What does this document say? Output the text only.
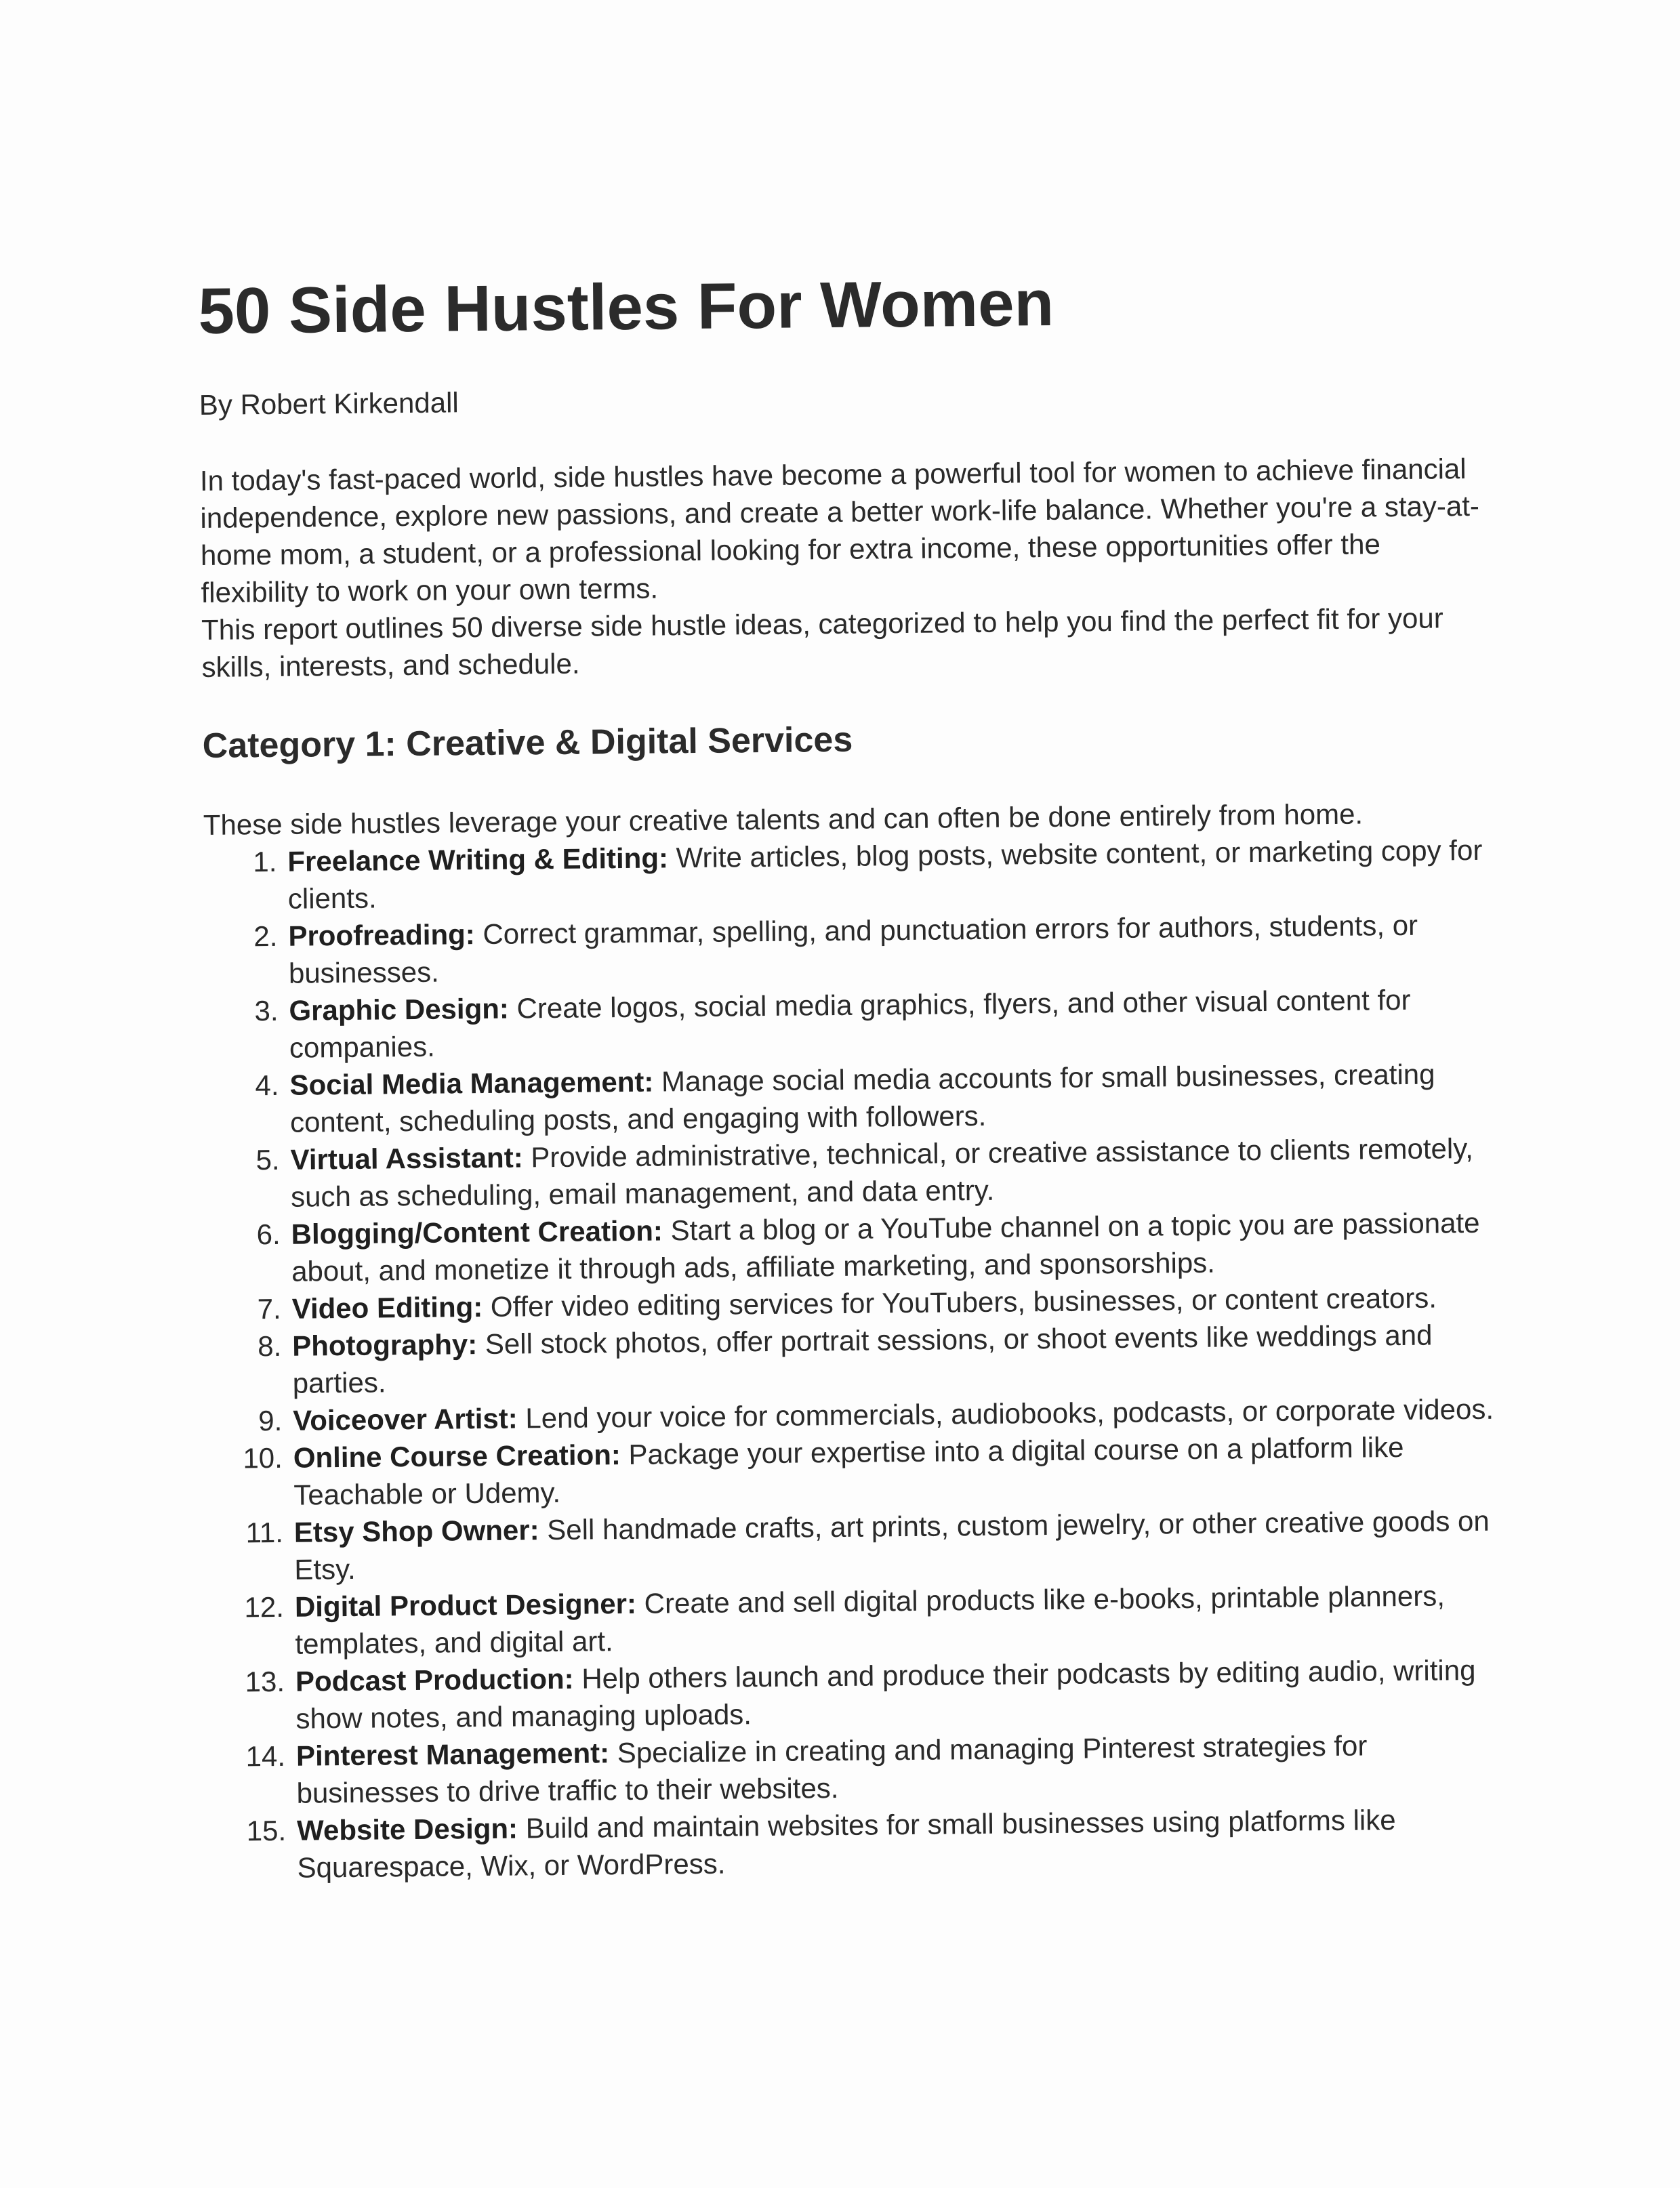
50 Side Hustles For Women
By Robert Kirkendall

In today's fast-paced world, side hustles have become a powerful tool for women to achieve financial independence, explore new passions, and create a better work-life balance. Whether you're a stay-at-home mom, a student, or a professional looking for extra income, these opportunities offer the flexibility to work on your own terms.

This report outlines 50 diverse side hustle ideas, categorized to help you find the perfect fit for your skills, interests, and schedule.

Category 1: Creative & Digital Services
These side hustles leverage your creative talents and can often be done entirely from home.
1. Freelance Writing & Editing: Write articles, blog posts, website content, or marketing copy for clients.
2. Proofreading: Correct grammar, spelling, and punctuation errors for authors, students, or businesses.
3. Graphic Design: Create logos, social media graphics, flyers, and other visual content for companies.
4. Social Media Management: Manage social media accounts for small businesses, creating content, scheduling posts, and engaging with followers.
5. Virtual Assistant: Provide administrative, technical, or creative assistance to clients remotely, such as scheduling, email management, and data entry.
6. Blogging/Content Creation: Start a blog or a YouTube channel on a topic you are passionate about, and monetize it through ads, affiliate marketing, and sponsorships.
7. Video Editing: Offer video editing services for YouTubers, businesses, or content creators.
8. Photography: Sell stock photos, offer portrait sessions, or shoot events like weddings and parties.
9. Voiceover Artist: Lend your voice for commercials, audiobooks, podcasts, or corporate videos.
10. Online Course Creation: Package your expertise into a digital course on a platform like Teachable or Udemy.
11. Etsy Shop Owner: Sell handmade crafts, art prints, custom jewelry, or other creative goods on Etsy.
12. Digital Product Designer: Create and sell digital products like e-books, printable planners, templates, and digital art.
13. Podcast Production: Help others launch and produce their podcasts by editing audio, writing show notes, and managing uploads.
14. Pinterest Management: Specialize in creating and managing Pinterest strategies for businesses to drive traffic to their websites.
15. Website Design: Build and maintain websites for small businesses using platforms like Squarespace, Wix, or WordPress.
